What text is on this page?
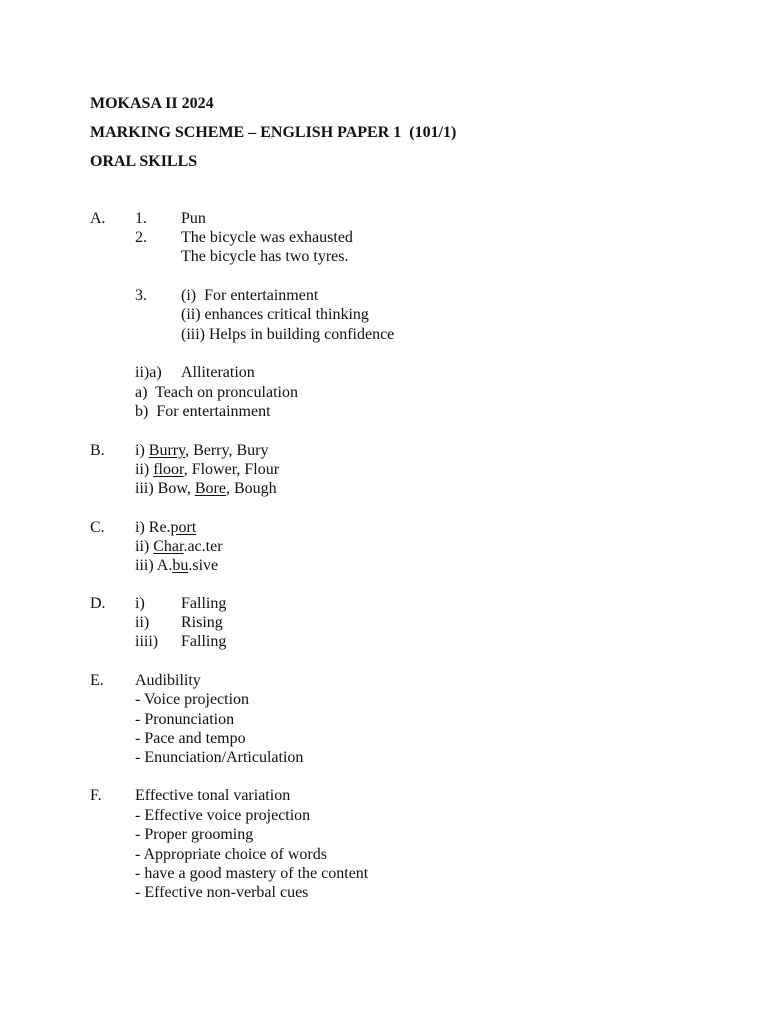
MOKASA II 2024
MARKING SCHEME – ENGLISH PAPER 1  (101/1)
ORAL SKILLS
A. 1. Pun
2. The bicycle was exhausted
The bicycle has two tyres.
3. (i)  For entertainment
(ii) enhances critical thinking
(iii) Helps in building confidence
ii)a) Alliteration
a)  Teach on pronculation
b)  For entertainment
B. i) Burry, Berry, Bury
ii) floor, Flower, Flour
iii) Bow, Bore, Bough
C. i) Re.port
ii) Char.ac.ter
iii) A.bu.sive
D. i) Falling
ii) Rising
iiii) Falling
E. Audibility
- Voice projection
- Pronunciation
- Pace and tempo
- Enunciation/Articulation
F. Effective tonal variation
- Effective voice projection
- Proper grooming
- Appropriate choice of words
- have a good mastery of the content
- Effective non-verbal cues
